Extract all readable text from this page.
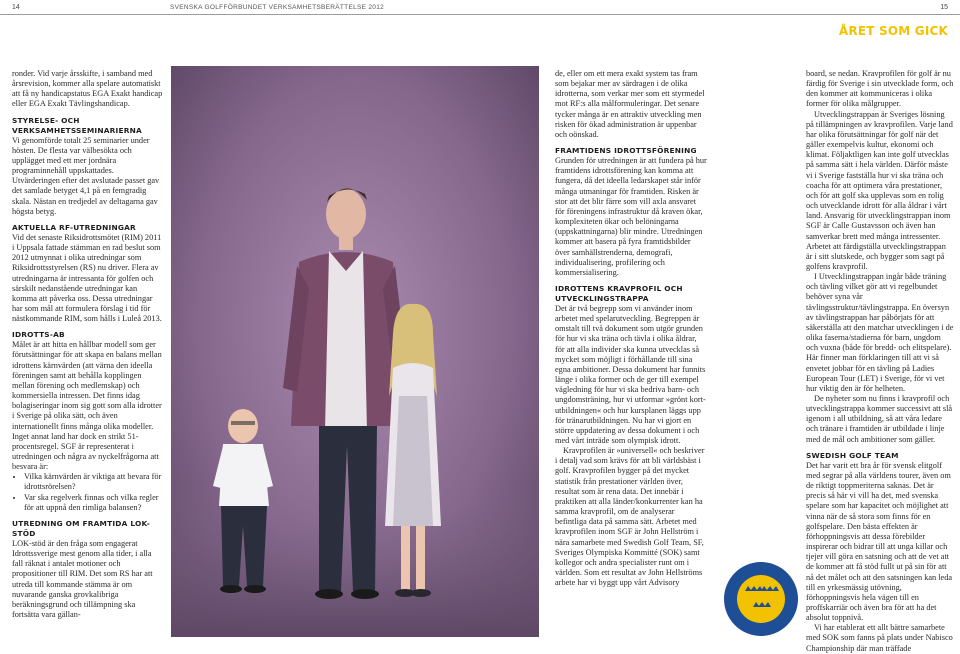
14	SVENSKA GOLFFÖRBUNDET VERKSAMHETSBERÄTTELSE 2012	15
ÅRET SOM GICK

ronder. Vid varje årsskifte, i samband med årsrevision, kommer alla spelare automatiskt att få ny handicapstatus EGA Exakt handicap eller EGA Exakt Tävlingshandicap.

STYRELSE- OCH VERKSAMHETSSEMINARIERNA

Vi genomförde totalt 25 seminarier under hösten. De flesta var välbesökta och upplägget med ett mer jordnära programinnehåll uppskattades. Utvärderingen efter det avslutade passet gav det samlade betyget 4,1 på en femgradig skala. Nästan en tredjedel av deltagarna gav högsta betyg.

AKTUELLA RF-UTREDNINGAR

Vid det senaste Riksidrottsmötet (RIM) 2011 i Uppsala fattade stämman en rad beslut som 2012 utmynnat i olika utredningar som Riksidrottsstyrelsen (RS) nu driver. Flera av utredningarna är intressanta för golfen och särskilt nedanstående utredningar kan komma att påverka oss. Dessa utredningar har som mål att formulera förslag i tid för nästkommande RIM, som hålls i Luleå 2013.

IDROTTS-AB

Målet är att hitta en hållbar modell som ger förutsättningar för att skapa en balans mellan idrottens kärnvärden (att värna den ideella föreningen samt att behålla kopplingen mellan förening och medlemskap) och kommersiella intressen. Det finns idag bolagiseringar inom sig gott som alla idrotter i Sverige på olika sätt, och även internationellt finns många olika modeller. Inget annat land har dock en strikt 51-procentsregel. SGF är representerat i utredningen och några av nyckelfrågorna att besvara är:

• Vilka kärnvärden är viktiga att bevara för idrottsrörelsen?
• Var ska regelverk finnas och vilka regler för att uppnå den rimliga balansen?
UTREDNING OM FRAMTIDA LOK-STÖD

LOK-stöd är den fråga som engagerat Idrottssverige mest genom alla tider, i alla fall räknat i antalet motioner och propositioner till RIM. Det som RS har att utreda till kommande stämma är om nuvarande ganska grovkalibriga beräkningsgrund och tillämpning ska fortsätta vara gällan-

de, eller om ett mera exakt system tas fram som bejakar mer av särdragen i de olika idrotterna, som verkar mer som ett styrmedel mot RF:s alla målformuleringar. Det senare tycker många är en attraktiv utveckling men risken för ökad administration är uppenbar och oönskad.

FRAMTIDENS IDROTTSFÖRENING

Grunden för utredningen är att fundera på hur framtidens idrottsförening kan komma att fungera, då det ideella ledarskapet står inför många utmaningar för framtiden. Risken är stor att det blir färre som vill axla ansvaret för föreningens infrastruktur då kraven ökar, komplexiteten ökar och belöningarna (uppskattningarna) blir mindre. Utredningen kommer att basera på fyra framtidsbilder över samhällstrenderna, demografi, individualisering, profilering och kommersialisering.

IDROTTENS KRAVPROFIL OCH UTVECKLINGSTRAPPA

Det är två begrepp som vi använder inom arbetet med spelarutveckling. Begreppen är omstalt till två dokument som utgör grunden för hur vi ska träna och tävla i olika åldrar, för att alla individer ska kunna utvecklas så mycket som möjligt i förhållande till sina egna ambitioner. Dessa dokument har funnits länge i olika former och de ger till exempel vägledning för hur vi ska bedriva barn- och ungdomsträning, hur vi utformar »grönt kort-utbildningen« och hur kursplanen läggs upp för tränarutbildningen. Nu har vi gjort en större uppdatering av dessa dokument i och med vårt inträde som olympisk idrott.

Kravprofilen är »universell« och beskriver i detalj vad som krävs för att bli världsbäst i golf. Kravprofilen bygger på det mycket statistik från prestationer världen över, resultat som är rena data. Det innebär i praktiken att alla länder/konkurrenter kan ha samma kravprofil, om de analyserar befintliga data på samma sätt. Arbetet med kravprofilen inom SGF är John Hellström i nära samarbete med Swedish Golf Team, SF, Sveriges Olympiska Kommitté (SOK) samt kollegor och andra specialister runt om i världen. Som ett resultat av John Hellströms arbete har vi byggt upp vårt Advisory

board, se nedan. Kravprofilen för golf är nu färdig för Sverige i sin utvecklade form, och den kommer att kommuniceras i olika former för olika målgrupper.

Utvecklingstrappan är Sveriges lösning på tillämpningen av kravprofilen. Varje land har olika förutsättningar för golf när det gäller exempelvis kultur, ekonomi och klimat. Följaktligen kan inte golf utvecklas på samma sätt i hela världen. Därför måste vi i Sverige fastställa hur vi ska träna och coacha för att optimera våra prestationer, och för att golf ska upplevas som en rolig och utvecklande idrott för alla åldrar i vårt land. Ansvarig för utvecklingstrappan inom SGF är Calle Gustavsson och även han samverkar brett med många intressenter. Arbetet att färdigställa utvecklingstrappan är i sitt slutskede, och bygger som sagt på golfens kravprofil.

I Utvecklingstrappan ingår både träning och tävling vilket gör att vi regelbundet behöver syna vår tävlingsstruktur/tävlingstrappa. En översyn av tävlingstrappan har påbörjats för att säkerställa att den matchar utvecklingen i de olika faserna/stadierna för barn, ungdom och vuxna (både för bredd- och elitspelare). Här finner man förklaringen till att vi så envetet jobbar för en tävling på Ladies European Tour (LET) i Sverige, för vi vet hur viktig den är för helheten.

De nyheter som nu finns i kravprofil och utvecklingstrappa kommer successivt att slå igenom i all utbildning, så att våra ledare och tränare i framtiden är utbildade i linje med de mål och ambitioner som gäller.

SWEDISH GOLF TEAM

Det har varit ett bra år för svensk elitgolf med segrar på alla världens tourer, även om de riktigt toppmeriterna saknas. Det är precis så här vi vill ha det, med svenska spelare som har kapacitet och möjlighet att vinna när de så stora som finns för en golfspelare. Den bästa effekten är förhoppningsvis att dessa förebilder inspirerar och bidrar till att unga killar och tjejer vill göra en satsning och att de vet att de kommer att få stöd fullt ut på sin för att nå det målet och att den satsningen kan leda till en yrkesmässig utövning, förhoppningsvis hela vägen till en proffskarriär och även bra för att ha det absolut toppnivå.

Vi har etablerat ett allt bättre samarbete med SOK som fanns på plats under Nabisco Championship där man träffade
